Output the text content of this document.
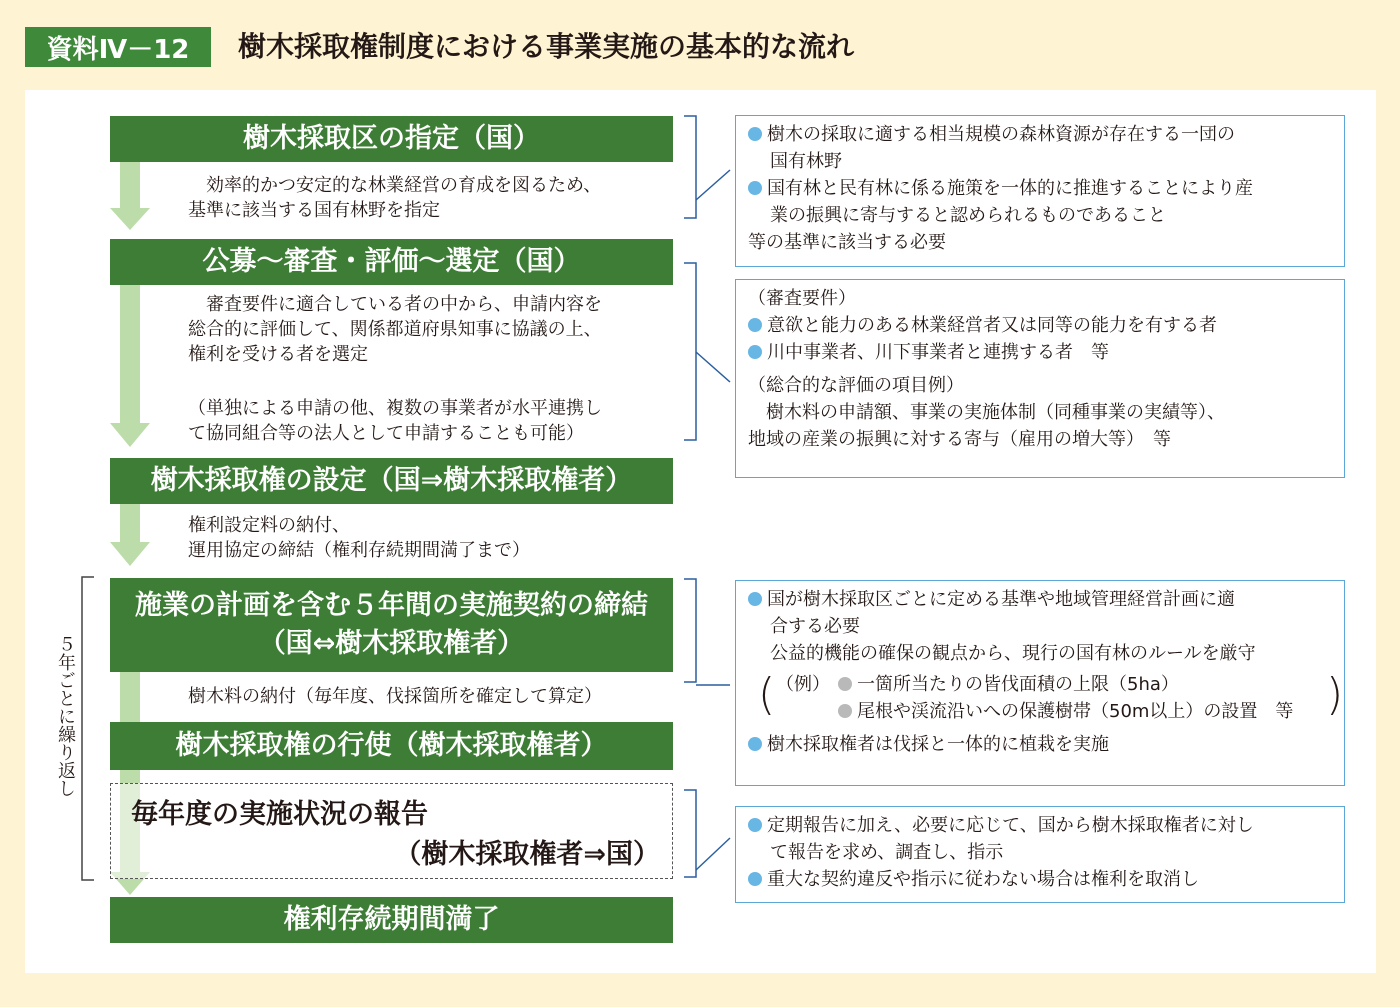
資料Ⅳ－12	樹木採取権制度における事業実施の基本的な流れ
樹木採取区の指定（国）
公募～審査・評価～選定（国）
樹木採取権の設定（国⇒樹木採取権者）
施業の計画を含む５年間の実施契約の締結
（国⇔樹木採取権者）
樹木採取権の行使（樹木採取権者）
毎年度の実施状況の報告
（樹木採取権者⇒国）
権利存続期間満了
　効率的かつ安定的な林業経営の育成を図るため、
基準に該当する国有林野を指定
　審査要件に適合している者の中から、申請内容を
総合的に評価して、関係都道府県知事に協議の上、
権利を受ける者を選定
（単独による申請の他、複数の事業者が水平連携し
て協同組合等の法人として申請することも可能）
権利設定料の納付、
運用協定の締結（権利存続期間満了まで）
樹木料の納付（毎年度、伐採箇所を確定して算定）
５年ごとに繰り返し
樹木の採取に適する相当規模の森林資源が存在する一団の
国有林野
国有林と民有林に係る施策を一体的に推進することにより産
業の振興に寄与すると認められるものであること
等の基準に該当する必要
（審査要件）
意欲と能力のある林業経営者又は同等の能力を有する者
川中事業者、川下事業者と連携する者　等
（総合的な評価の項目例）
　樹木料の申請額、事業の実施体制（同種事業の実績等）、
地域の産業の振興に対する寄与（雇用の増大等）　等
国が樹木採取区ごとに定める基準や地域管理経営計画に適
合する必要
公益的機能の確保の観点から、現行の国有林のルールを厳守
( （例） 一箇所当たりの皆伐面積の上限（5ha）
尾根や渓流沿いへの保護樹帯（50m以上）の設置　等 )
樹木採取権者は伐採と一体的に植栽を実施
定期報告に加え、必要に応じて、国から樹木採取権者に対し
て報告を求め、調査し、指示
重大な契約違反や指示に従わない場合は権利を取消し
